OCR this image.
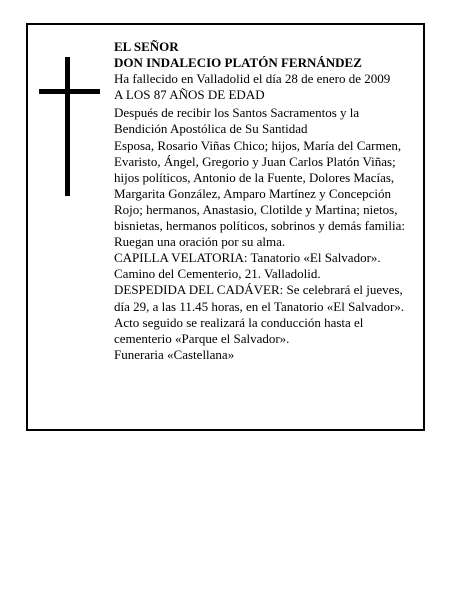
EL SEÑOR
DON INDALECIO PLATÓN FERNÁNDEZ
Ha fallecido en Valladolid el día 28 de enero de 2009
A LOS 87 AÑOS DE EDAD
Después de recibir los Santos Sacramentos y la
Bendición Apostólica de Su Santidad
Esposa, Rosario Viñas Chico; hijos, María del Carmen,
Evaristo, Ángel, Gregorio y Juan Carlos Platón Viñas;
hijos políticos, Antonio de la Fuente, Dolores Macías,
Margarita González, Amparo Martínez y Concepción
Rojo; hermanos, Anastasio, Clotilde y Martina; nietos,
bisnietas, hermanos políticos, sobrinos y demás familia:
Ruegan una oración por su alma.
CAPILLA VELATORIA: Tanatorio «El Salvador».
Camino del Cementerio, 21. Valladolid.
DESPEDIDA DEL CADÁVER: Se celebrará el jueves,
día 29, a las 11.45 horas, en el Tanatorio «El Salvador».
Acto seguido se realizará la conducción hasta el
cementerio «Parque el Salvador».
Funeraria «Castellana»
